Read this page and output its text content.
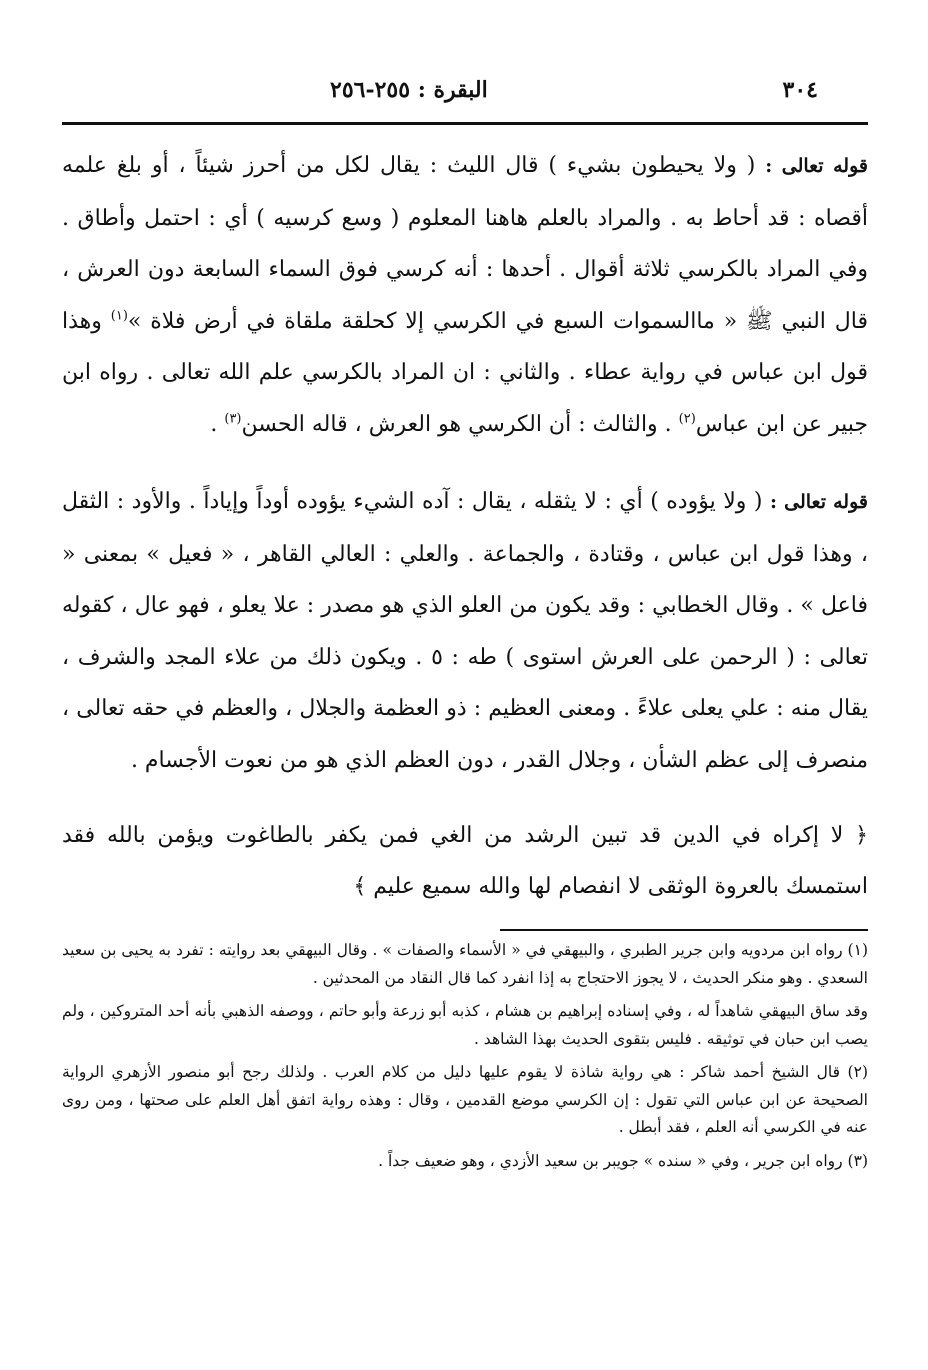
٣٠٤
البقرة : ٢٥٥-٢٥٦

قوله تعالى : ( ولا يحيطون بشيء ) قال الليث : يقال لكل من أحرز شيئاً ، أو بلغ علمه أقصاه : قد أحاط به . والمراد بالعلم هاهنا المعلوم ( وسع كرسيه ) أي : احتمل وأطاق . وفي المراد بالكرسي ثلاثة أقوال . أحدها : أنه كرسي فوق السماء السابعة دون العرش ، قال النبي ﷺ « ماالسموات السبع في الكرسي إلا كحلقة ملقاة في أرض فلاة »$^{(١)}$ وهذا قول ابن عباس في رواية عطاء . والثاني : ان المراد بالكرسي علم الله تعالى . رواه ابن جبير عن ابن عباس$^{(٢)}$ . والثالث : أن الكرسي هو العرش ، قاله الحسن$^{(٣)}$ .

قوله تعالى : ( ولا يؤوده ) أي : لا يثقله ، يقال : آده الشيء يؤوده أوداً وإياداً . والأود : الثقل ، وهذا قول ابن عباس ، وقتادة ، والجماعة . والعلي : العالي القاهر ، « فعيل » بمعنى « فاعل » . وقال الخطابي : وقد يكون من العلو الذي هو مصدر : علا يعلو ، فهو عال ، كقوله تعالى : ( الرحمن على العرش استوى ) طه : ٥ . ويكون ذلك من علاء المجد والشرف ، يقال منه : علي يعلى علاءً . ومعنى العظيم : ذو العظمة والجلال ، والعظم في حقه تعالى ، منصرف إلى عظم الشأن ، وجلال القدر ، دون العظم الذي هو من نعوت الأجسام .

﴿ لا إكراه في الدين قد تبين الرشد من الغي فمن يكفر بالطاغوت ويؤمن بالله فقد استمسك بالعروة الوثقى لا انفصام لها والله سميع عليم ﴾

(١) رواه ابن مردويه وابن جرير الطبري ، والبيهقي في « الأسماء والصفات » . وقال البيهقي بعد روايته : تفرد به يحيى بن سعيد السعدي . وهو منكر الحديث ، لا يجوز الاحتجاج به إذا انفرد كما قال النقاد من المحدثين .

وقد ساق البيهقي شاهداً له ، وفي إسناده إبراهيم بن هشام ، كذبه أبو زرعة وأبو حاتم ، ووصفه الذهبي بأنه أحد المتروكين ، ولم يصب ابن حبان في توثيقه . فليس بتقوى الحديث بهذا الشاهد .

(٢) قال الشيخ أحمد شاكر : هي رواية شاذة لا يقوم عليها دليل من كلام العرب . ولذلك رجح أبو منصور الأزهري الرواية الصحيحة عن ابن عباس التي تقول : إن الكرسي موضع القدمين ، وقال : وهذه رواية اتفق أهل العلم على صحتها ، ومن روى عنه في الكرسي أنه العلم ، فقد أبطل .

(٣) رواه ابن جرير ، وفي « سنده » جويبر بن سعيد الأزدي ، وهو ضعيف جداً .
